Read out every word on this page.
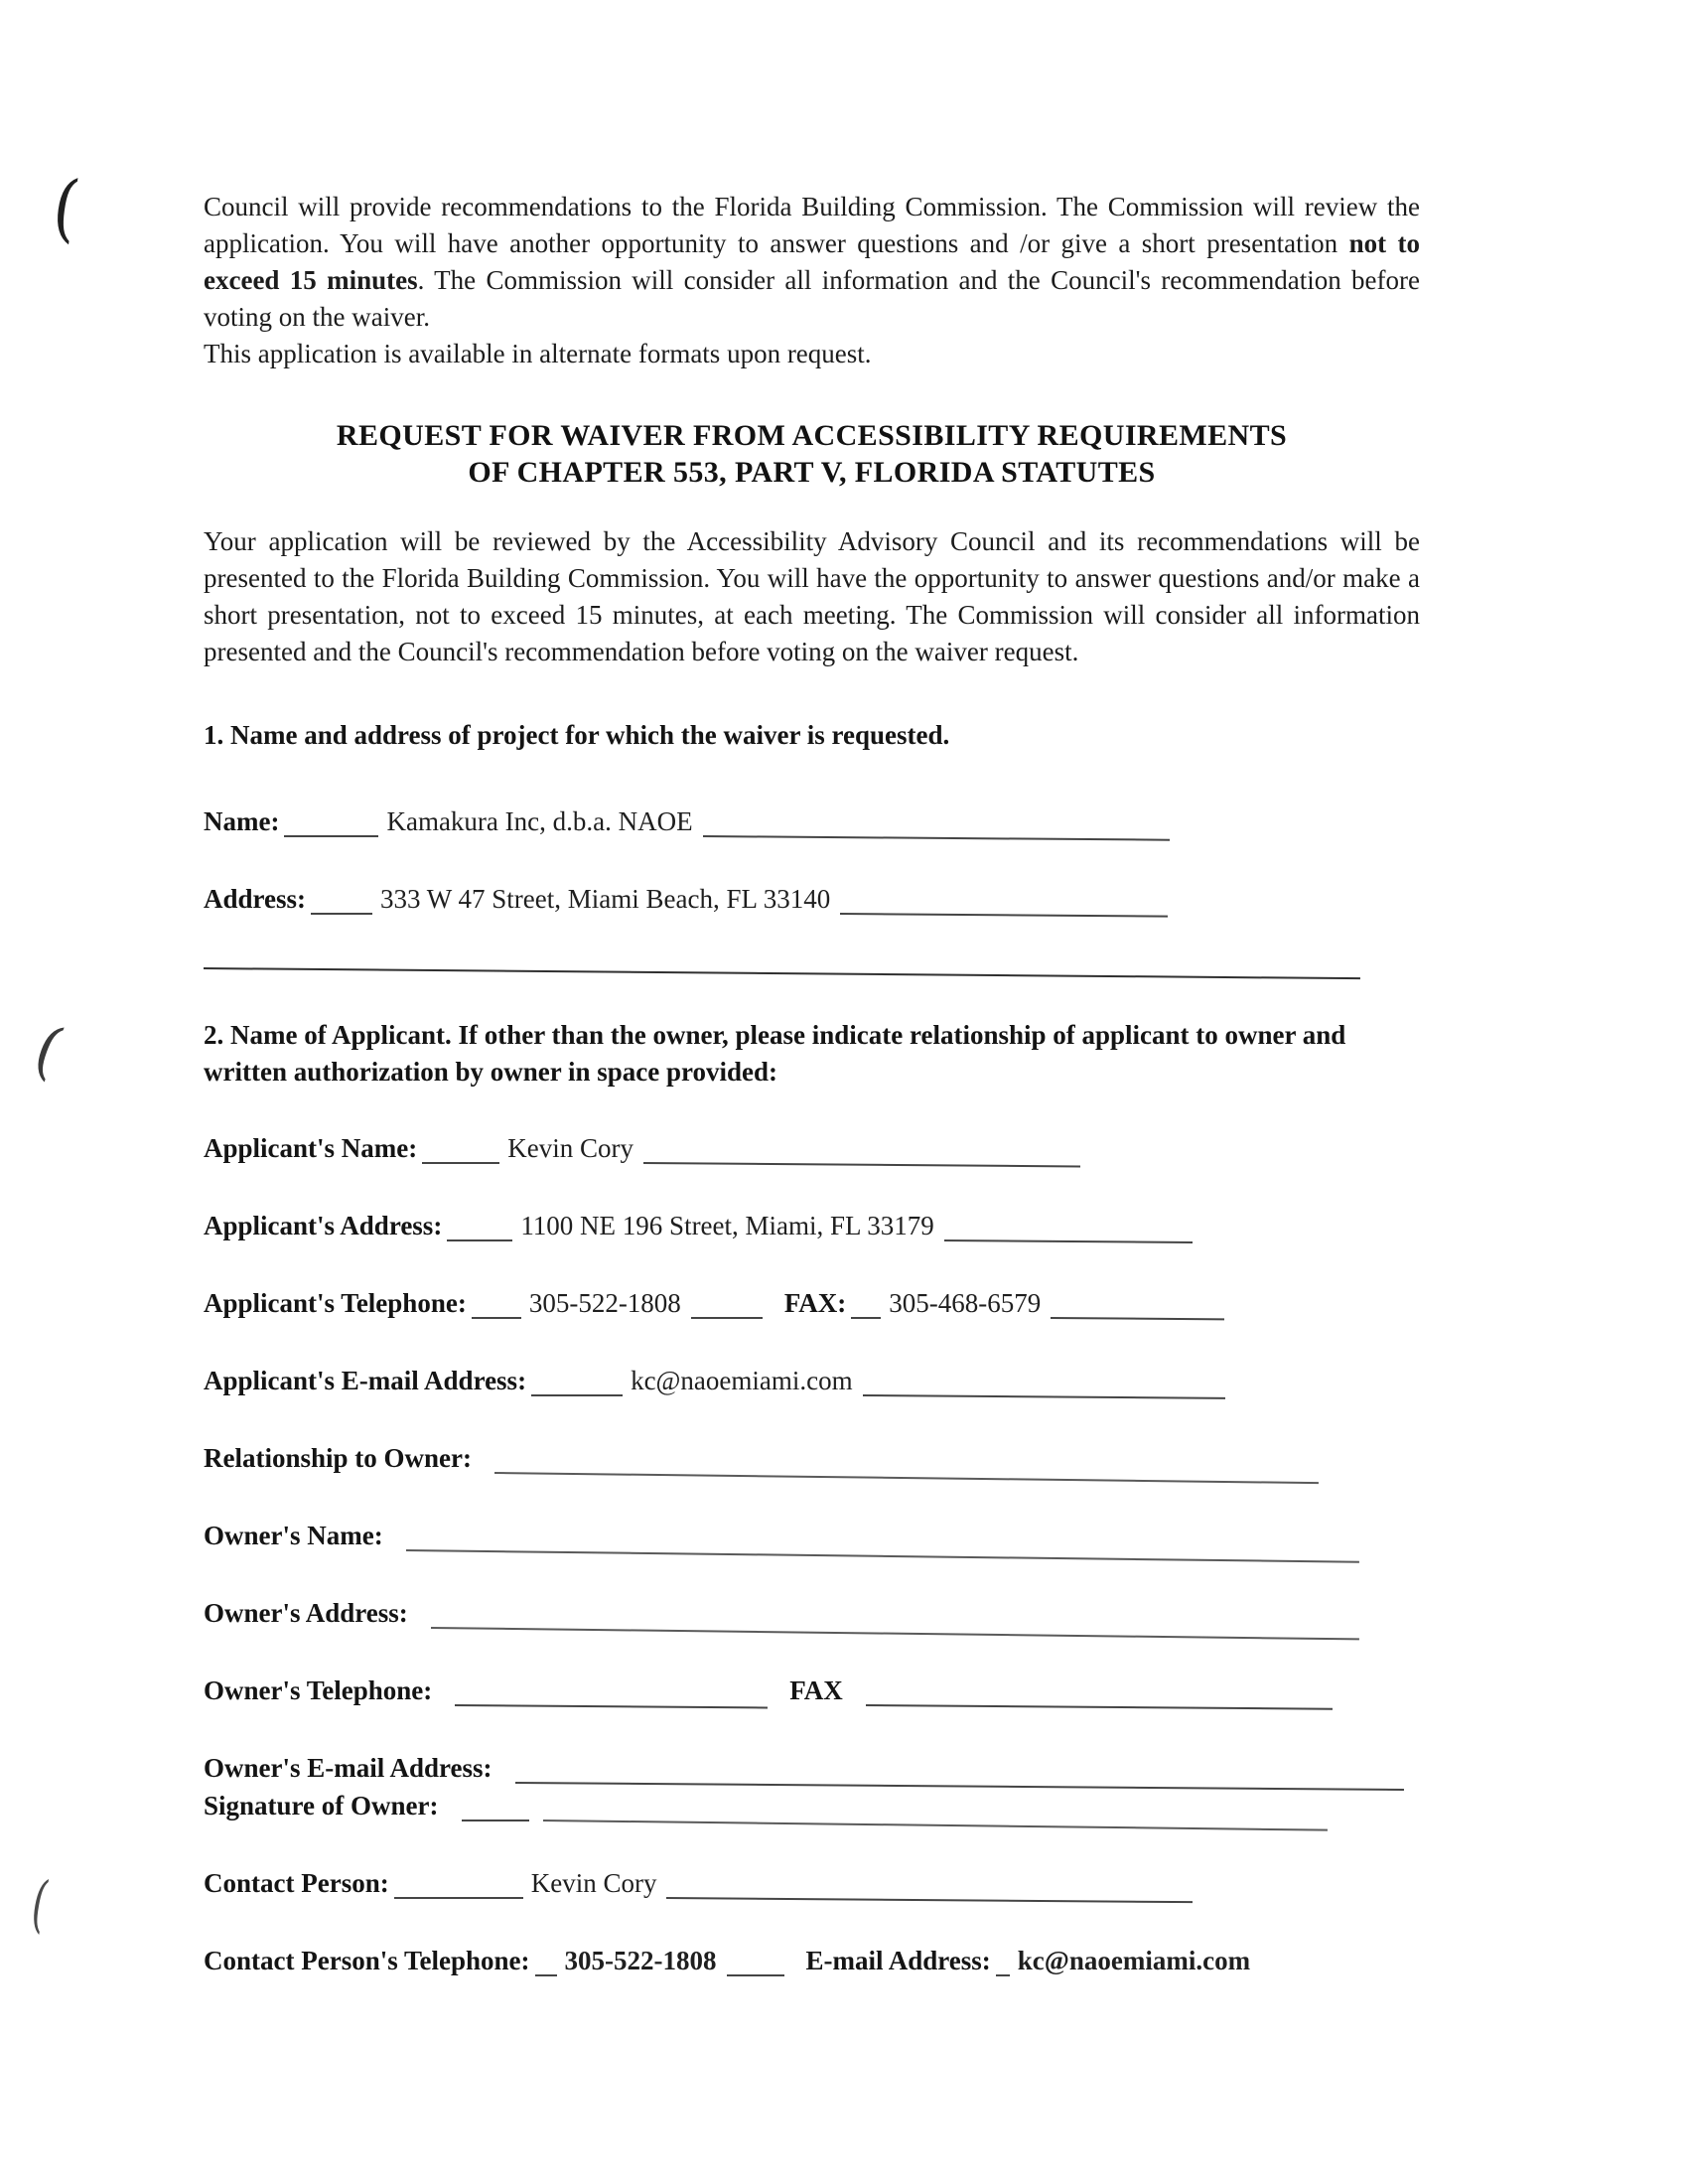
(
(
(

Council will provide recommendations to the Florida Building Commission. The Commission will review the application. You will have another opportunity to answer questions and /or give a short presentation not to exceed 15 minutes. The Commission will consider all information and the Council's recommendation before voting on the waiver.

This application is available in alternate formats upon request.

REQUEST FOR WAIVER FROM ACCESSIBILITY REQUIREMENTS
OF CHAPTER 553, PART V, FLORIDA STATUTES

Your application will be reviewed by the Accessibility Advisory Council and its recommendations will be presented to the Florida Building Commission. You will have the opportunity to answer questions and/or make a short presentation, not to exceed 15 minutes, at each meeting. The Commission will consider all information presented and the Council's recommendation before voting on the waiver request.

1. Name and address of project for which the waiver is requested.
Name:	Kamakura Inc, d.b.a. NAOE
Address:	333 W 47 Street, Miami Beach, FL 33140
2. Name of Applicant. If other than the owner, please indicate relationship of applicant to owner and written authorization by owner in space provided:
Applicant's Name:	Kevin Cory
Applicant's Address:	1100 NE 196 Street, Miami, FL 33179
Applicant's Telephone: 305-522-1808	FAX: 305-468-6579
Applicant's E-mail Address:	kc@naoemiami.com
Relationship to Owner:
Owner's Name:
Owner's Address:
Owner's Telephone:	FAX
Owner's E-mail Address:
Signature of Owner:
Contact Person:	Kevin Cory
Contact Person's Telephone: 305-522-1808	E-mail Address: kc@naoemiami.com
